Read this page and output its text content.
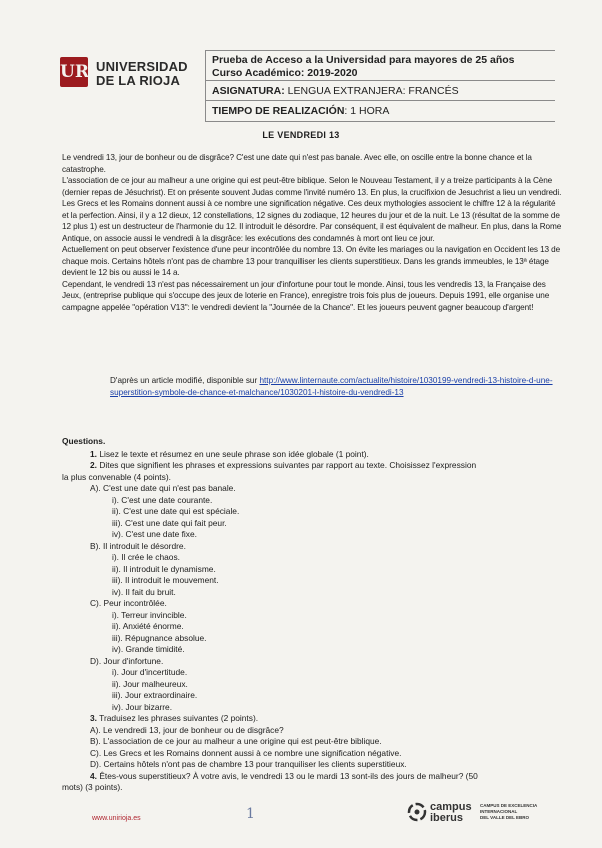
UR UNIVERSIDAD
DE LA RIOJA
Prueba de Acceso a la Universidad para mayores de 25 años
Curso Académico: 2019-2020
ASIGNATURA: LENGUA EXTRANJERA: FRANCÉS
TIEMPO DE REALIZACIÓN: 1 HORA
LE VENDREDI 13

Le vendredi 13, jour de bonheur ou de disgrâce? C'est une date qui n'est pas banale. Avec elle, on oscille entre la bonne chance et la catastrophe.

L'association de ce jour au malheur a une origine qui est peut-être biblique. Selon le Nouveau Testament, il y a treize participants à la Cène (dernier repas de Jésuchrist). Et on présente souvent Judas comme l'invité numéro 13. En plus, la crucifixion de Jesuchrist a lieu un vendredi.

Les Grecs et les Romains donnent aussi à ce nombre une signification négative. Ces deux mythologies associent le chiffre 12 à la régularité et la perfection. Ainsi, il y a 12 dieux, 12 constellations, 12 signes du zodiaque, 12 heures du jour et de la nuit. Le 13 (résultat de la somme de 12 plus 1) est un destructeur de l'harmonie du 12. Il introduit le désordre. Par conséquent, il est équivalent de malheur. En plus, dans la Rome Antique, on associe aussi le vendredi à la disgrâce: les exécutions des condamnés à mort ont lieu ce jour.

Actuellement on peut observer l'existence d'une peur incontrôlée du nombre 13. On évite les mariages ou la navigation en Occident les 13 de chaque mois. Certains hôtels n'ont pas de chambre 13 pour tranquilliser les clients superstitieux. Dans les grands immeubles, le 13ª étage devient le 12 bis ou aussi le 14 a.

Cependant, le vendredi 13 n'est pas nécessairement un jour d'infortune pour tout le monde. Ainsi, tous les vendredis 13, la Française des Jeux, (entreprise publique qui s'occupe des jeux de loterie en France), enregistre trois fois plus de joueurs. Depuis 1991, elle organise une campagne appelée "opération V13": le vendredi devient la "Journée de la Chance". Et les joueurs peuvent gagner beaucoup d'argent!

D'après un article modifié, disponible sur http://www.linternaute.com/actualite/histoire/1030199-vendredi-13-histoire-d-une-superstition-symbole-de-chance-et-malchance/1030201-l-histoire-du-vendredi-13
Questions.
1. Lisez le texte et résumez en une seule phrase son idée globale (1 point).
2. Dites que signifient les phrases et expressions suivantes par rapport au texte. Choisissez l'expression
la plus convenable (4 points).
A). C'est une date qui n'est pas banale.
i). C'est une date courante.
ii). C'est une date qui est spéciale.
iii). C'est une date qui fait peur.
iv). C'est une date fixe.
B). Il introduit le désordre.
i). Il crée le chaos.
ii). Il introduit le dynamisme.
iii). Il introduit le mouvement.
iv). Il fait du bruit.
C). Peur incontrôlée.
i). Terreur invincible.
ii). Anxiété énorme.
iii). Répugnance absolue.
iv). Grande timidité.
D). Jour d'infortune.
i). Jour d'incertitude.
ii). Jour malheureux.
iii). Jour extraordinaire.
iv). Jour bizarre.
3. Traduisez les phrases suivantes (2 points).
A). Le vendredi 13, jour de bonheur ou de disgrâce?
B). L'association de ce jour au malheur a une origine qui est peut-être biblique.
C). Les Grecs et les Romains donnent aussi à ce nombre une signification négative.
D). Certains hôtels n'ont pas de chambre 13 pour tranquiliser les clients superstitieux.
4. Êtes-vous superstitieux? À votre avis, le vendredi 13 ou le mardi 13 sont-ils des jours de malheur? (50
mots) (3 points).
www.unirioja.es	1	campus
iberus
CAMPUS DE EXCELENCIA
INTERNACIONAL
DEL VALLE DEL EBRO
